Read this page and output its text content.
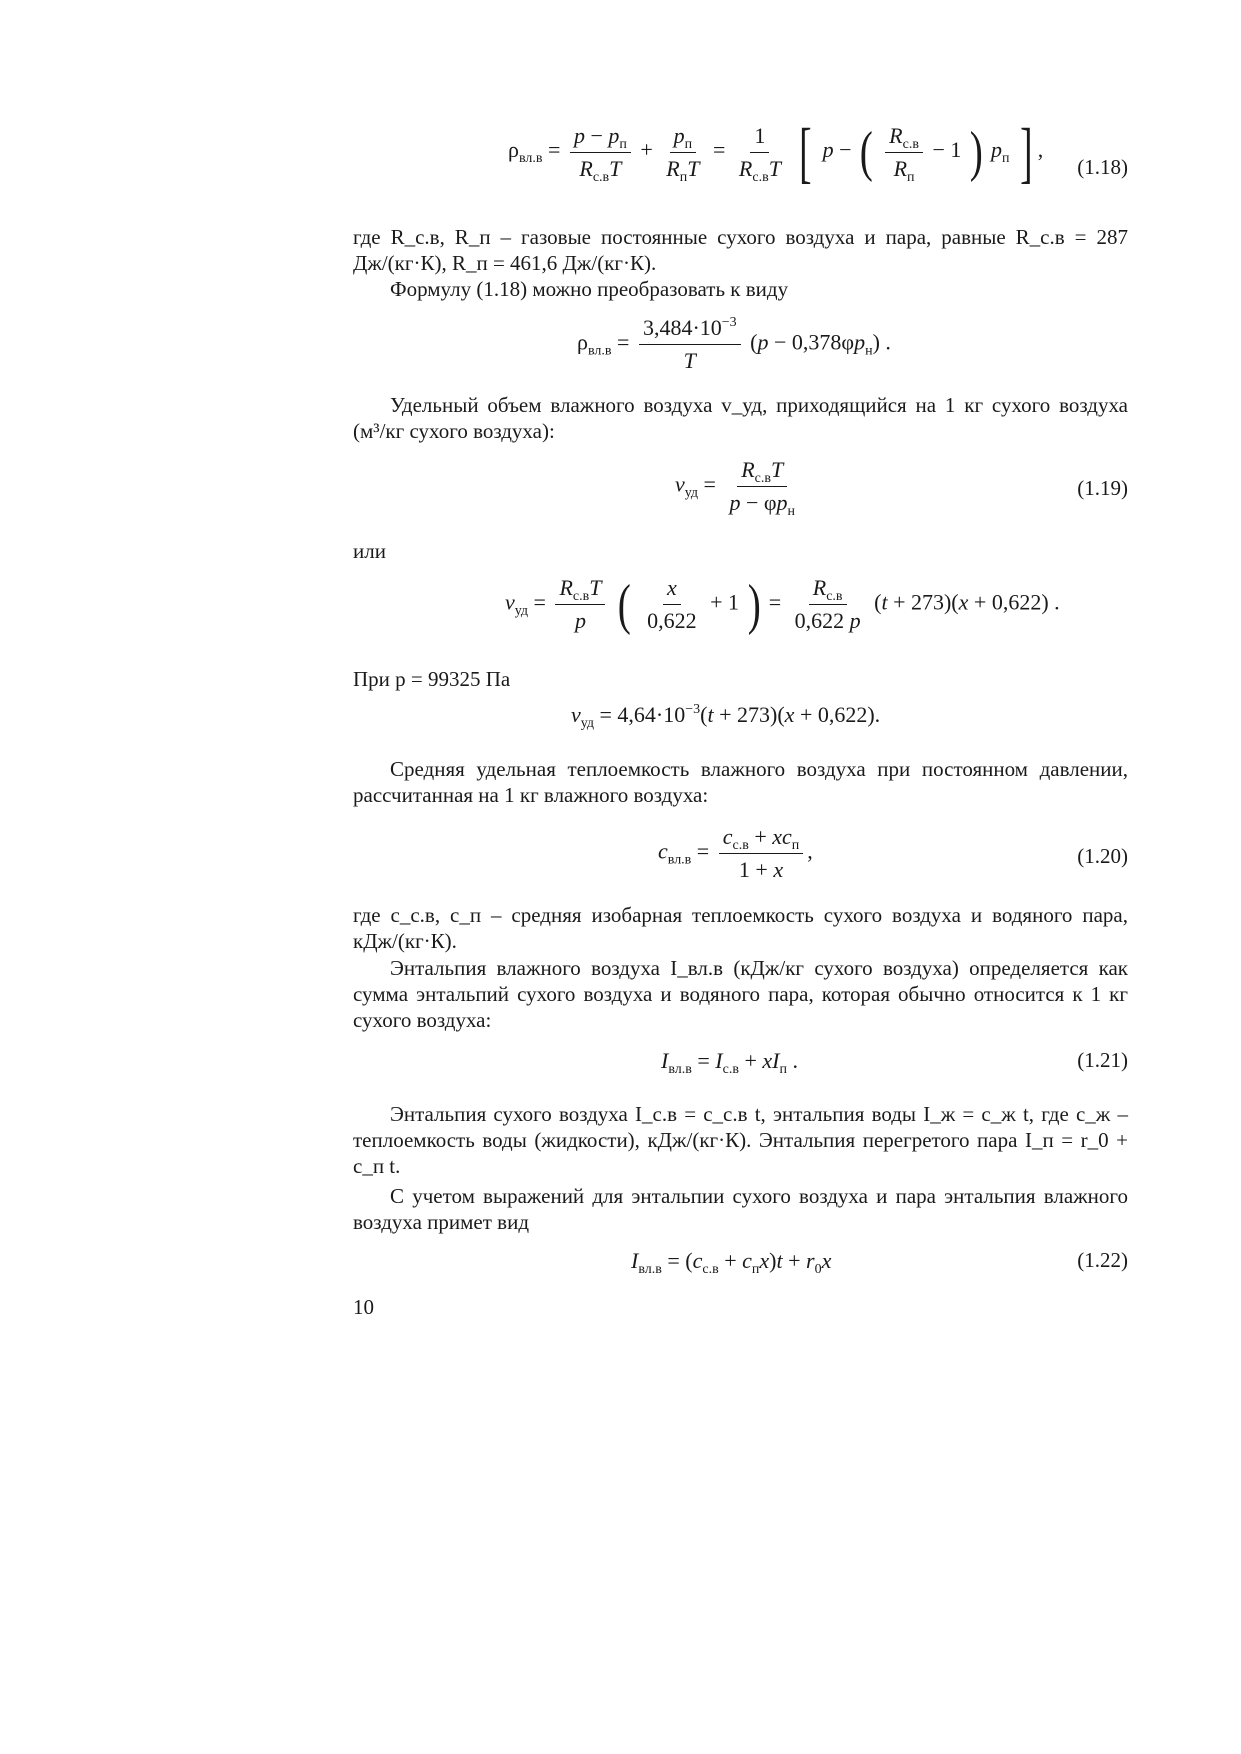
$\rho_{вл.в} = \frac{p - p_п}{R_{с.в}T} + \frac{p_п}{R_пT} = \frac{1}{R_{с.в}T}$ [ p − ( $\frac{R_{с.в}}{R_п} - 1$ ) $p_п$ ] ,
(1.18)
где R_с.в, R_п – газовые постоянные сухого воздуха и пара, равные R_с.в = 287 Дж/(кг·К), R_п = 461,6 Дж/(кг·К).
Формулу (1.18) можно преобразовать к виду
$\rho_{вл.в} = \frac{3,484\cdot 10^{-3}}{T} (p - 0,378\varphi p_н)$ .
Удельный объем влажного воздуха v_уд, приходящийся на 1 кг сухого воздуха (м³/кг сухого воздуха):
$v_{уд} = \frac{R_{с.в}T}{p - \varphi p_н}$	(1.19)
или
$v_{уд} = \frac{R_{с.в}T}{p}$ ( $\frac{x}{0,622} + 1$ ) = $\frac{R_{с.в}}{0,622 p} (t + 273)(x + 0,622)$ .
При p = 99325 Па
$v_{уд} = 4,64\cdot 10^{-3}(t + 273)(x + 0,622)$.
Средняя удельная теплоемкость влажного воздуха при постоянном давлении, рассчитанная на 1 кг влажного воздуха:
$c_{вл.в} = \frac{c_{с.в} + xc_п}{1 + x}$ ,	(1.20)
где c_с.в, c_п – средняя изобарная теплоемкость сухого воздуха и водяного пара, кДж/(кг·К).
Энтальпия влажного воздуха I_вл.в (кДж/кг сухого воздуха) определяется как сумма энтальпий сухого воздуха и водяного пара, которая обычно относится к 1 кг сухого воздуха:
$I_{вл.в} = I_{с.в} + xI_п$ .	(1.21)
Энтальпия сухого воздуха I_с.в = c_с.в t, энтальпия воды I_ж = c_ж t, где c_ж – теплоемкость воды (жидкости), кДж/(кг·К). Энтальпия перегретого пара I_п = r_0 + c_п t.
С учетом выражений для энтальпии сухого воздуха и пара энтальпия влажного воздуха примет вид
$I_{вл.в} = (c_{с.в} + c_пx)t + r_0x$	(1.22)
10
